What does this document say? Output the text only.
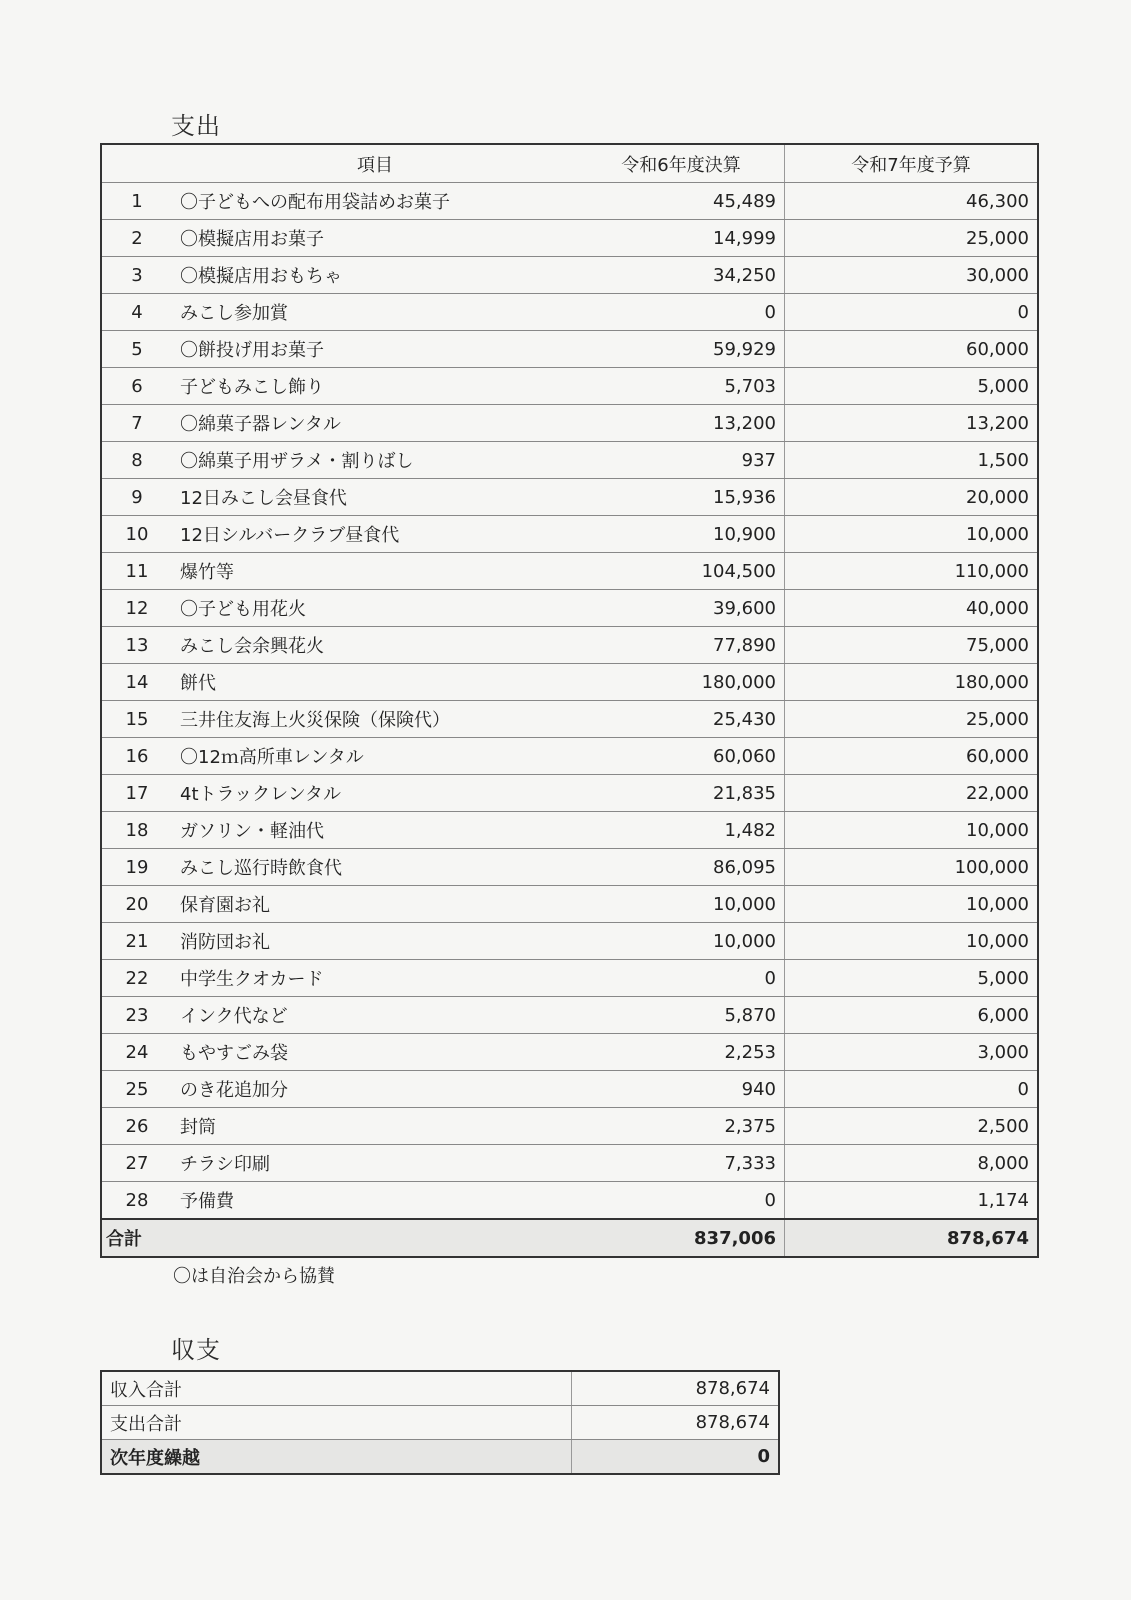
支出
	項目	令和6年度決算	令和7年度予算
1	〇子どもへの配布用袋詰めお菓子	45,489	46,300
2	〇模擬店用お菓子	14,999	25,000
3	〇模擬店用おもちゃ	34,250	30,000
4	みこし参加賞	0	0
5	〇餅投げ用お菓子	59,929	60,000
6	子どもみこし飾り	5,703	5,000
7	〇綿菓子器レンタル	13,200	13,200
8	〇綿菓子用ザラメ・割りばし	937	1,500
9	12日みこし会昼食代	15,936	20,000
10	12日シルバークラブ昼食代	10,900	10,000
11	爆竹等	104,500	110,000
12	〇子ども用花火	39,600	40,000
13	みこし会余興花火	77,890	75,000
14	餅代	180,000	180,000
15	三井住友海上火災保険（保険代）	25,430	25,000
16	〇12ｍ高所車レンタル	60,060	60,000
17	4tトラックレンタル	21,835	22,000
18	ガソリン・軽油代	1,482	10,000
19	みこし巡行時飲食代	86,095	100,000
20	保育園お礼	10,000	10,000
21	消防団お礼	10,000	10,000
22	中学生クオカード	0	5,000
23	インク代など	5,870	6,000
24	もやすごみ袋	2,253	3,000
25	のき花追加分	940	0
26	封筒	2,375	2,500
27	チラシ印刷	7,333	8,000
28	予備費	0	1,174
合計		837,006	878,674
〇は自治会から協賛
収支
収入合計	878,674
支出合計	878,674
次年度繰越	0
